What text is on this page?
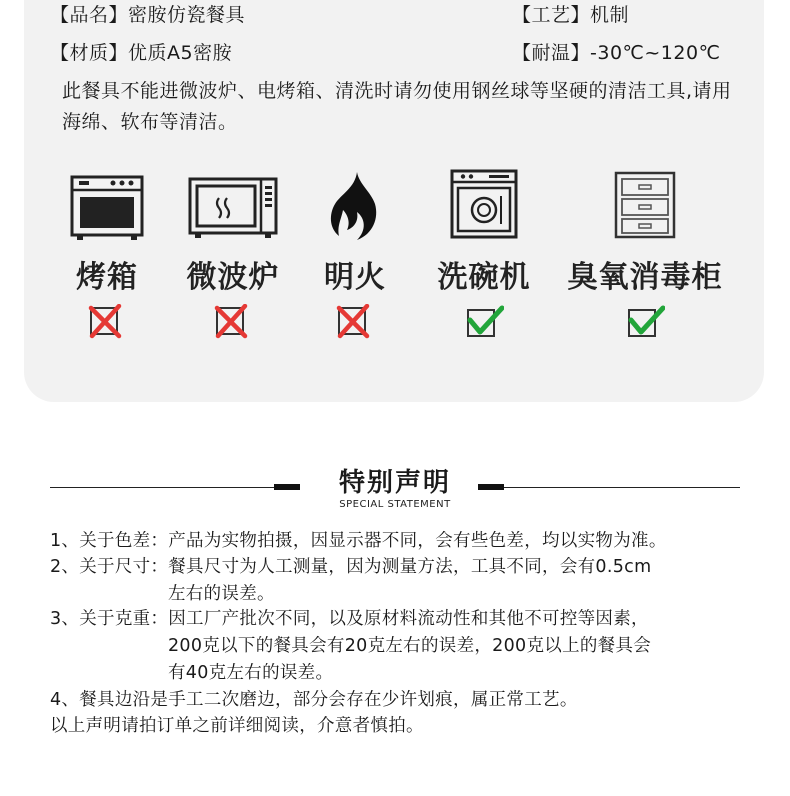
【品名】密胺仿瓷餐具	【工艺】机制
【材质】优质A5密胺	【耐温】-30℃~120℃
此餐具不能进微波炉、电烤箱、清洗时请勿使用钢丝球等坚硬的清洁工具,请用海绵、软布等清洁。
烤箱	微波炉	明火	洗碗机	臭氧消毒柜
特别声明
SPECIAL STATEMENT
1、关于色差：产品为实物拍摄，因显示器不同，会有些色差，均以实物为准。
2、关于尺寸：餐具尺寸为人工测量，因为测量方法，工具不同，会有0.5cm
左右的误差。
3、关于克重：因工厂产批次不同，以及原材料流动性和其他不可控等因素，
200克以下的餐具会有20克左右的误差，200克以上的餐具会
有40克左右的误差。
4、餐具边沿是手工二次磨边，部分会存在少许划痕，属正常工艺。
以上声明请拍订单之前详细阅读，介意者慎拍。
